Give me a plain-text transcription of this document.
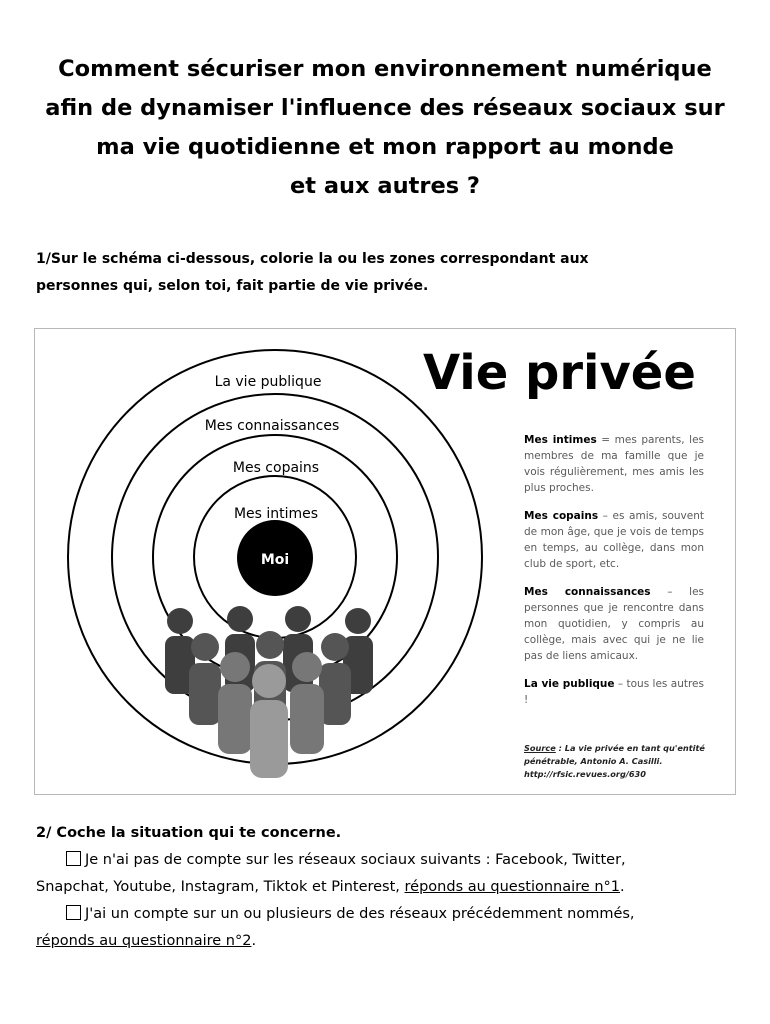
Comment sécuriser mon environnement numérique
afin de dynamiser l'influence des réseaux sociaux sur
ma vie quotidienne et mon rapport au monde
et aux autres ?
1/Sur le schéma ci-dessous, colorie la ou les zones correspondant aux
personnes qui, selon toi, fait partie de vie privée.
La vie publique
Mes connaissances
Mes copains
Mes intimes
Moi
Vie privée

Mes intimes = mes parents, les membres de ma famille que je vois régulièrement, mes amis les plus proches.

Mes copains – es amis, souvent de mon âge, que je vois de temps en temps, au collège, dans mon club de sport, etc.

Mes connaissances – les personnes que je rencontre dans mon quotidien, y compris au collège, mais avec qui je ne lie pas de liens amicaux.

La vie publique – tous les autres !

Source : La vie privée en tant qu'entité pénétrable, Antonio A. Casilli.
http://rfsic.revues.org/630
2/ Coche la situation qui te concerne.
Je n'ai pas de compte sur les réseaux sociaux suivants : Facebook, Twitter,
Snapchat, Youtube, Instagram, Tiktok et Pinterest, réponds au questionnaire n°1.
J'ai un compte sur un ou plusieurs de des réseaux précédemment nommés,
réponds au questionnaire n°2.
